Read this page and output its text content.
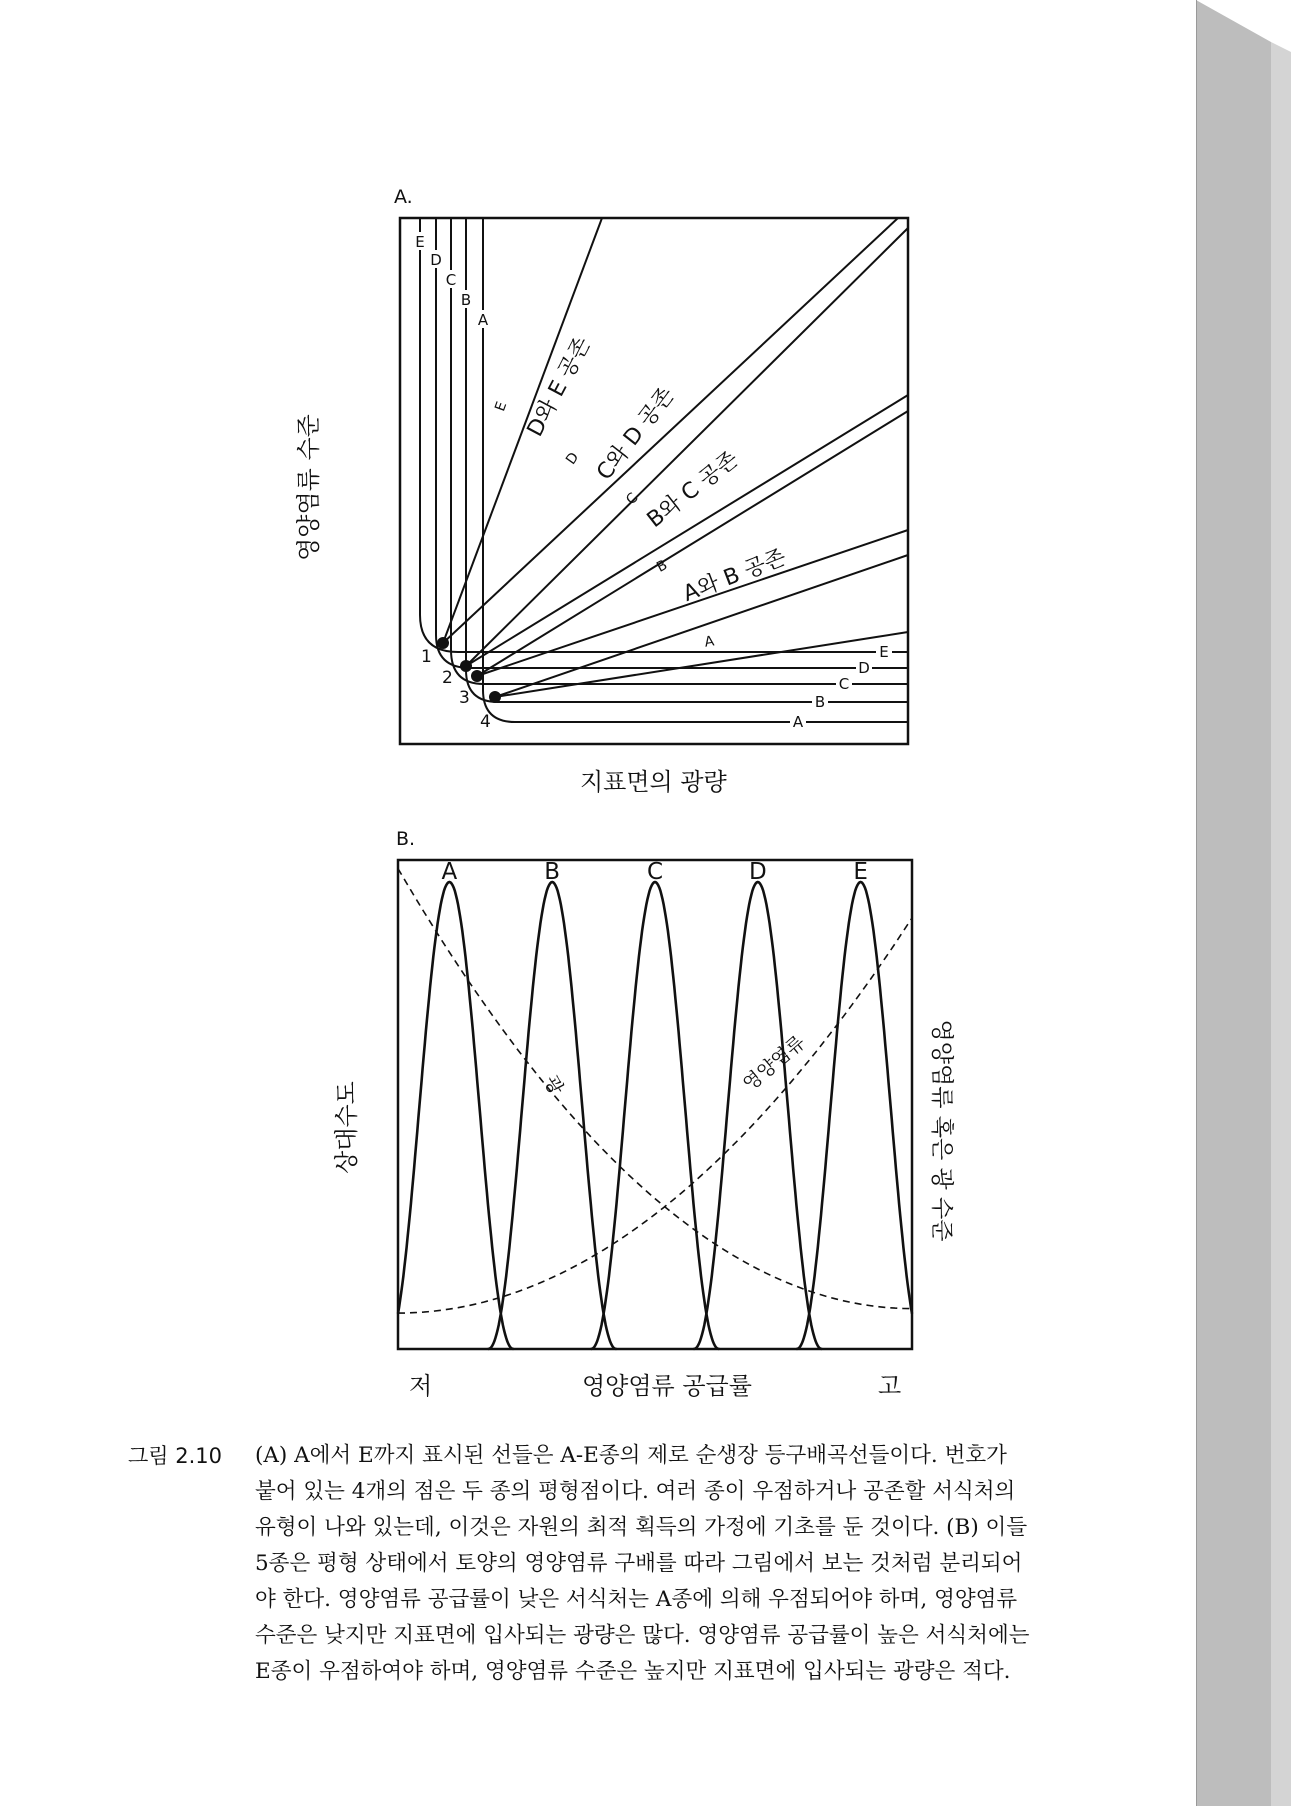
A.
영양염류 수준
지표면의 광량
1
2
3
4
E
D
C
B
A
E
D
C
B
A
E
D
C
B
A
D와 E 공존
C와 D 공존
B와 C 공존
A와 B 공존
B.
상대수도	영양염류 혹은 광 수준
저	영양염류 공급률	고
A	B	C	D	E
광	영양염류
그림 2.10 (A) A에서 E까지 표시된 선들은 A-E종의 제로 순생장 등구배곡선들이다. 번호가
붙어 있는 4개의 점은 두 종의 평형점이다. 여러 종이 우점하거나 공존할 서식처의
유형이 나와 있는데, 이것은 자원의 최적 획득의 가정에 기초를 둔 것이다. (B) 이들
5종은 평형 상태에서 토양의 영양염류 구배를 따라 그림에서 보는 것처럼 분리되어
야 한다. 영양염류 공급률이 낮은 서식처는 A종에 의해 우점되어야 하며, 영양염류
수준은 낮지만 지표면에 입사되는 광량은 많다. 영양염류 공급률이 높은 서식처에는
E종이 우점하여야 하며, 영양염류 수준은 높지만 지표면에 입사되는 광량은 적다.
